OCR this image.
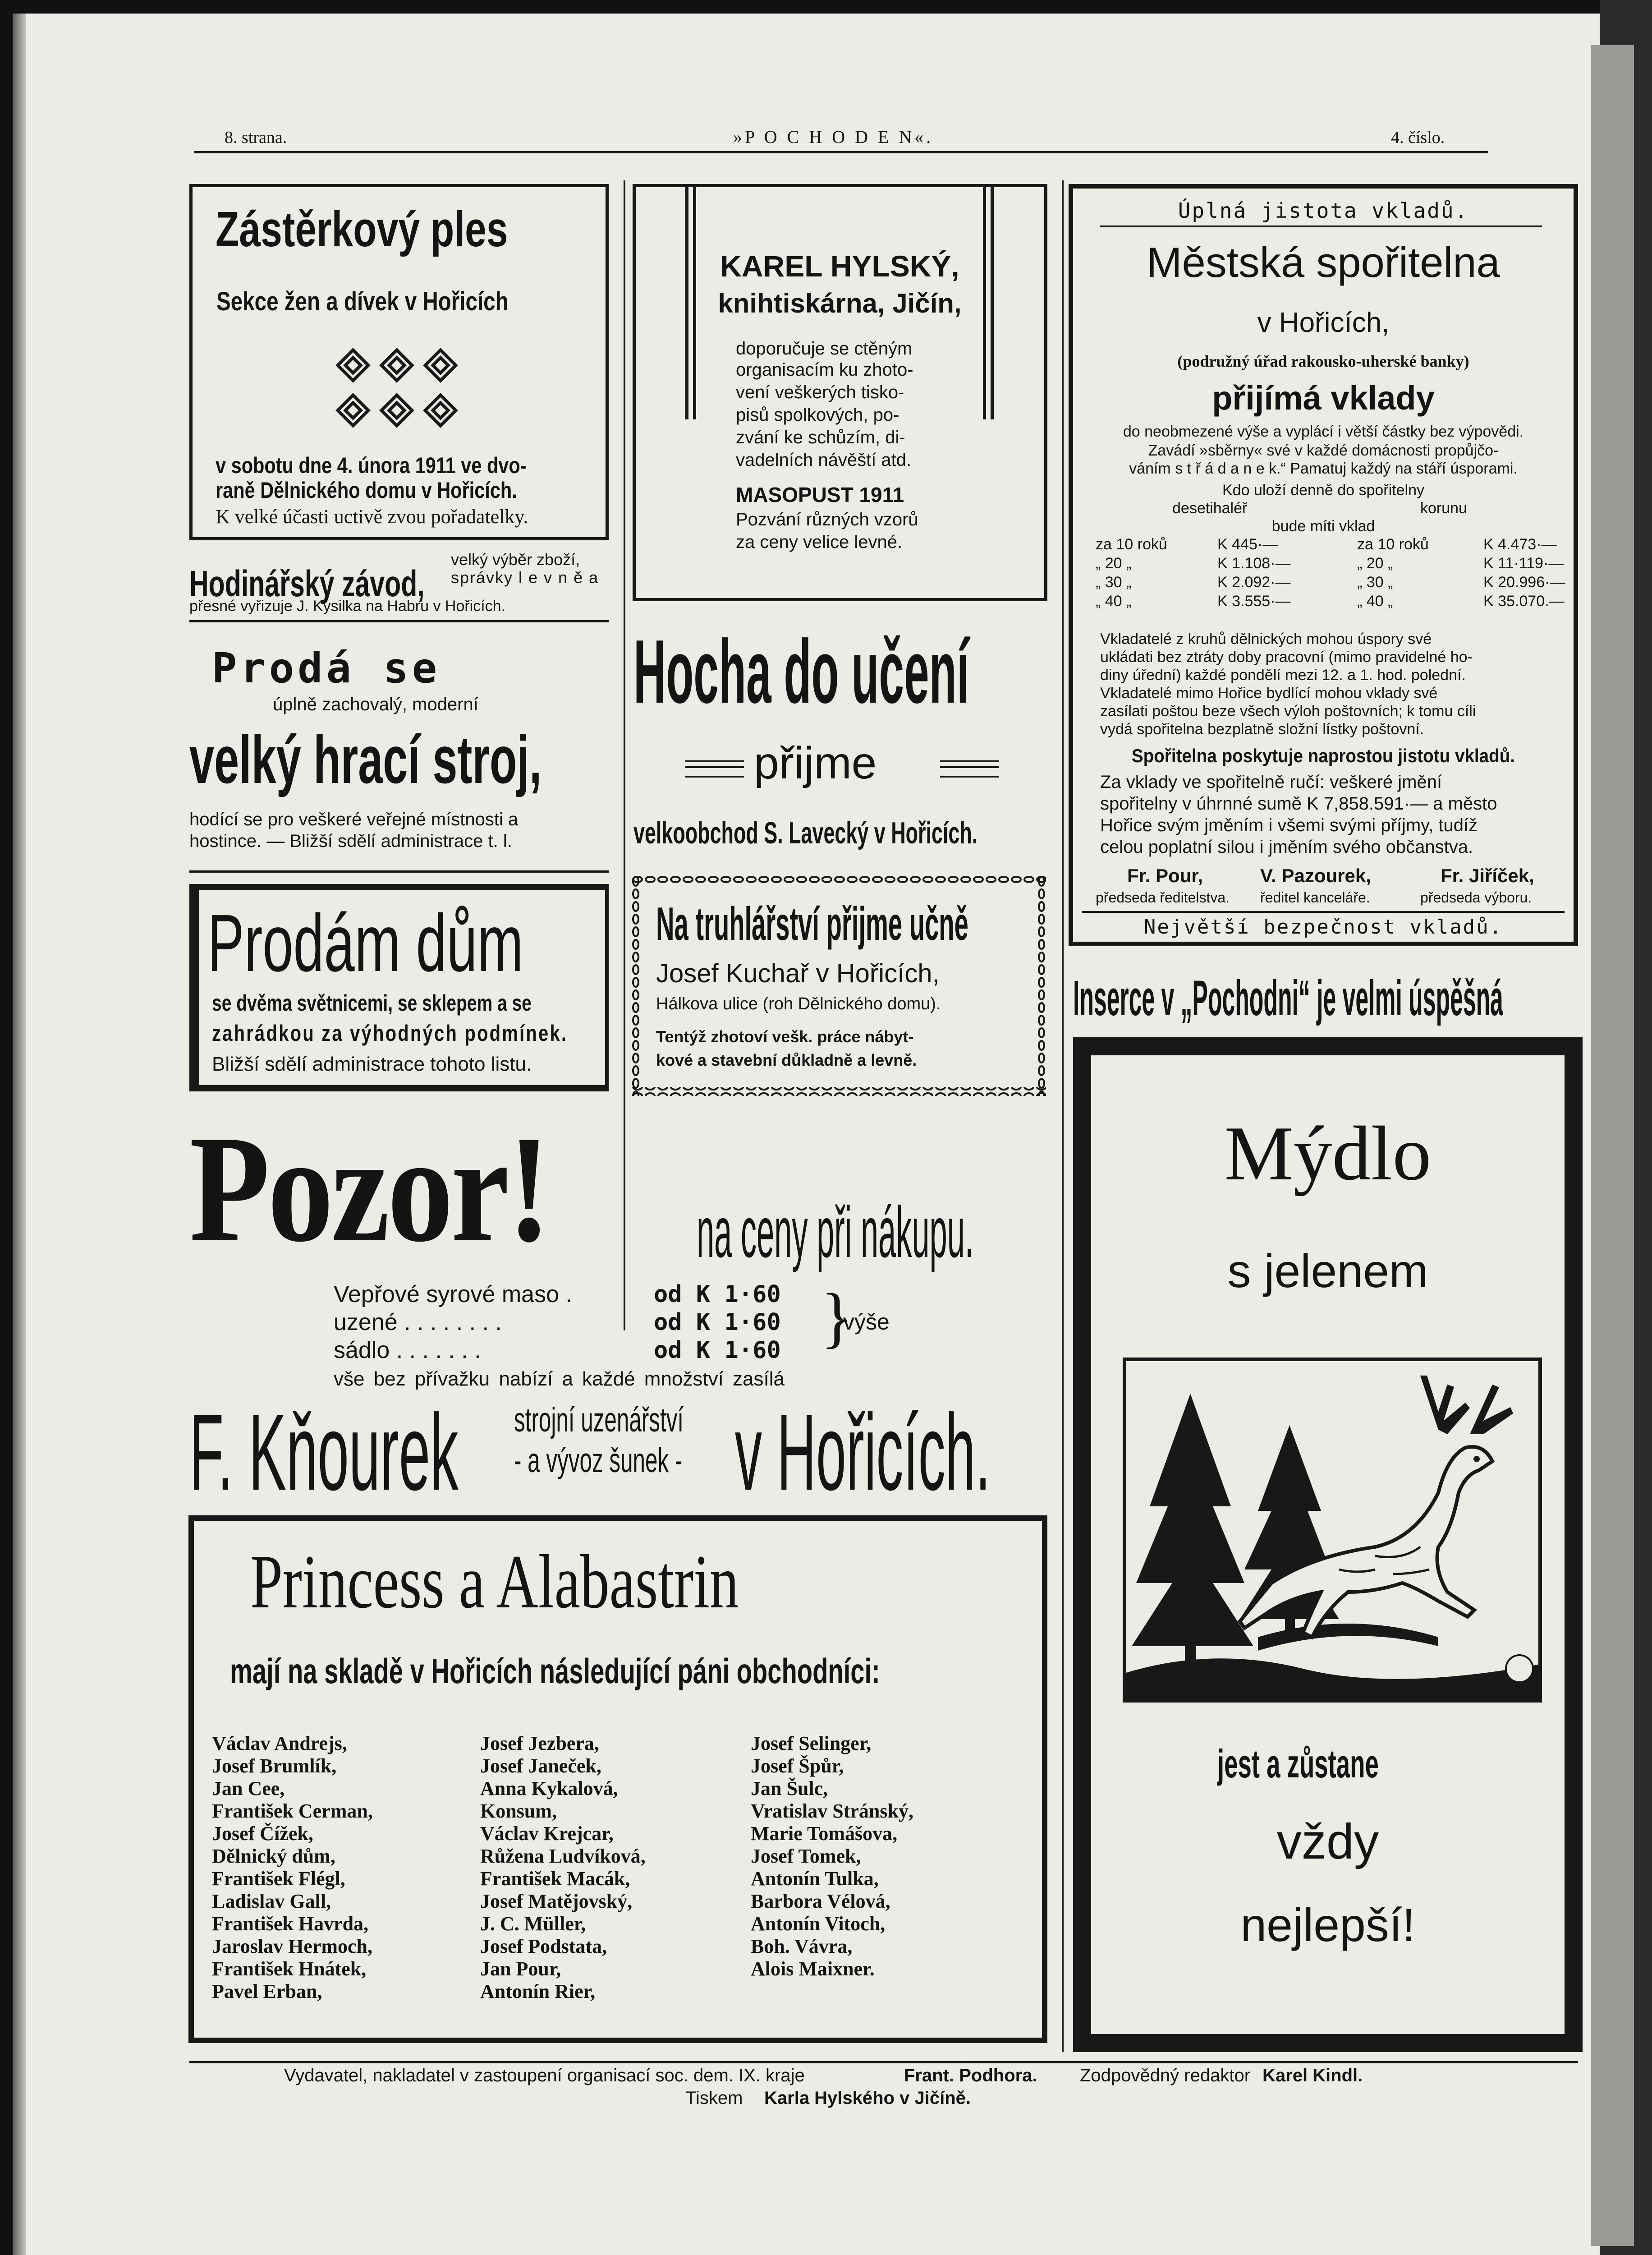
8. strana.	»P O C H O D E N«.	4. číslo.
Zástěrkový ples
Sekce žen a dívek v Hořicích
v sobotu dne 4. února 1911 ve dvo-
raně Dělnického domu v Hořicích.
K velké účasti uctivě zvou pořadatelky.
Hodinářský závod,
velký výběr zboží,
správky l e v n ě a
přesné vyřizuje J. Kysilka na Habru v Hořicích.
Prodá se
úplně zachovalý, moderní
velký hrací stroj,
hodící se pro veškeré veřejné místnosti a
hostince. — Bližší sdělí administrace t. l.
Prodám dům
se dvěma světnicemi, se sklepem a se
zahrádkou za výhodných podmínek.
Bližší sdělí administrace tohoto listu.
KAREL HYLSKÝ,
knihtiskárna, Jičín,
doporučuje se ctěným
organisacím ku zhoto-
vení veškerých tisko-
pisů spolkových, po-
zvání ke schůzím, di-
vadelních návěští atd.
MASOPUST 1911
Pozvání různých vzorů
za ceny velice levné.
Hocha do učení
přijme
velkoobchod S. Lavecký v Hořicích.
Na truhlářství přijme učně
Josef Kuchař v Hořicích,
Hálkova ulice (roh Dělnického domu).
Tentýž zhotoví vešk. práce nábyt-
kové a stavební důkladně a levně.
Pozor! na ceny při nákupu.
Vepřové syrové maso .	od K 1·60
uzené . . . . . . . .	od K 1·60
sádlo . . . . . . .	od K 1·60 }
výše
vše bez přívažku nabízí a každé množství zasílá
F. Kňourek strojní uzenářství
- a vývoz šunek - v Hořicích.
Princess a Alabastrin
mají na skladě v Hořicích následující páni obchodníci:
Václav Andrejs,
Josef Brumlík,
Jan Cee,
František Cerman,
Josef Čížek,
Dělnický dům,
František Flégl,
Ladislav Gall,
František Havrda,
Jaroslav Hermoch,
František Hnátek,
Pavel Erban,
Josef Jezbera,
Josef Janeček,
Anna Kykalová,
Konsum,
Václav Krejcar,
Růžena Ludvíková,
František Macák,
Josef Matějovský,
J. C. Müller,
Josef Podstata,
Jan Pour,
Antonín Rier,
Josef Selinger,
Josef Špůr,
Jan Šulc,
Vratislav Stránský,
Marie Tomášova,
Josef Tomek,
Antonín Tulka,
Barbora Vélová,
Antonín Vitoch,
Boh. Vávra,
Alois Maixner.
Úplná jistota vkladů.
Městská spořitelna
v Hořicích,
(podružný úřad rakousko-uherské banky)
přijímá vklady
do neobmezené výše a vyplácí i větší částky bez výpovědi.
Zavádí »sběrny« své v každé domácnosti propůjčo-
váním s t ř á d a n e k.“ Pamatuj každý na stáří úsporami.
Kdo uloží denně do spořitelny
desetihaléř	korunu
bude míti vklad
za 10 roků	K 445·—	za 10 roků	K 4.473·—
„ 20 „	K 1.108·—	„ 20 „	K 11·119·—
„ 30 „	K 2.092·—	„ 30 „	K 20.996·—
„ 40 „	K 3.555·—	„ 40 „	K 35.070.—
Vkladatelé z kruhů dělnických mohou úspory své
ukládati bez ztráty doby pracovní (mimo pravidelné ho-
diny úřední) každé pondělí mezi 12. a 1. hod. polední.
Vkladatelé mimo Hořice bydlící mohou vklady své
zasílati poštou beze všech výloh poštovních; k tomu cíli
vydá spořitelna bezplatně složní lístky poštovní.
Spořitelna poskytuje naprostou jistotu vkladů.
Za vklady ve spořitelně ručí: veškeré jmění
spořitelny v úhrnné sumě K 7,858.591·— a město
Hořice svým jměním i všemi svými příjmy, tudíž
celou poplatní silou i jměním svého občanstva.
Fr. Pour,	V. Pazourek,	Fr. Jiříček,
předseda ředitelstva. ředitel kanceláře.	předseda výboru.
Největší bezpečnost vkladů.
Inserce v „Pochodni“ je velmi úspěšná
Mýdlo
s jelenem
jest a zůstane
vždy
nejlepší!
Vydavatel, nakladatel v zastoupení organisací soc. dem. IX. kraje	Frant. Podhora. Zodpovědný redaktor Karel Kindl.
Tiskem Karla Hylského v Jičíně.
